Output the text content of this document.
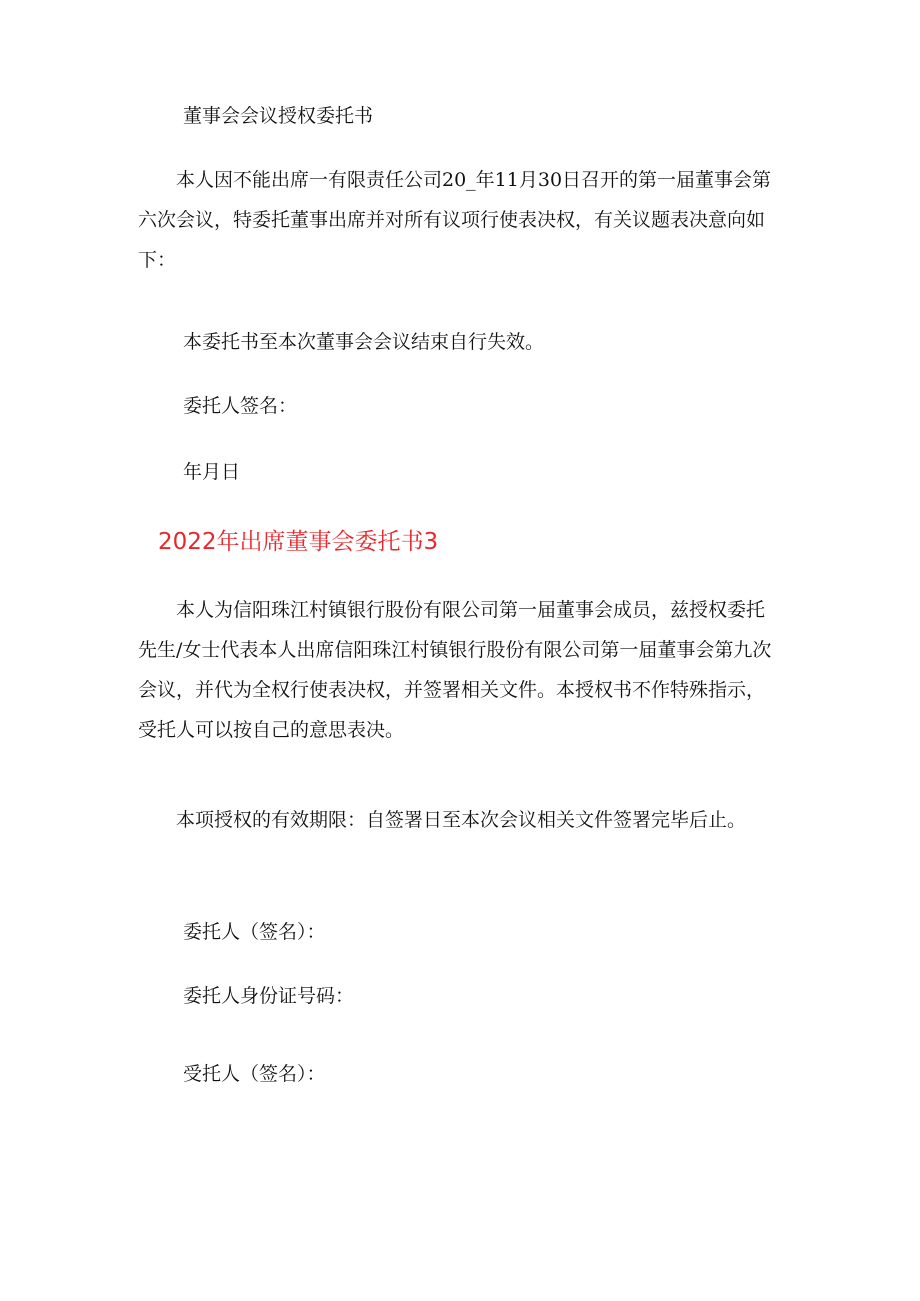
董事会会议授权委托书

本人因不能出席一有限责任公司20_年11月30日召开的第一届董事会第六次会议，特委托董事出席并对所有议项行使表决权，有关议题表决意向如下：

本委托书至本次董事会会议结束自行失效。

委托人签名：

年月日

2022年出席董事会委托书3

本人为信阳珠江村镇银行股份有限公司第一届董事会成员，兹授权委托先生/女士代表本人出席信阳珠江村镇银行股份有限公司第一届董事会第九次会议，并代为全权行使表决权，并签署相关文件。本授权书不作特殊指示，受托人可以按自己的意思表决。

本项授权的有效期限：自签署日至本次会议相关文件签署完毕后止。

委托人（签名）：

委托人身份证号码：

受托人（签名）：
